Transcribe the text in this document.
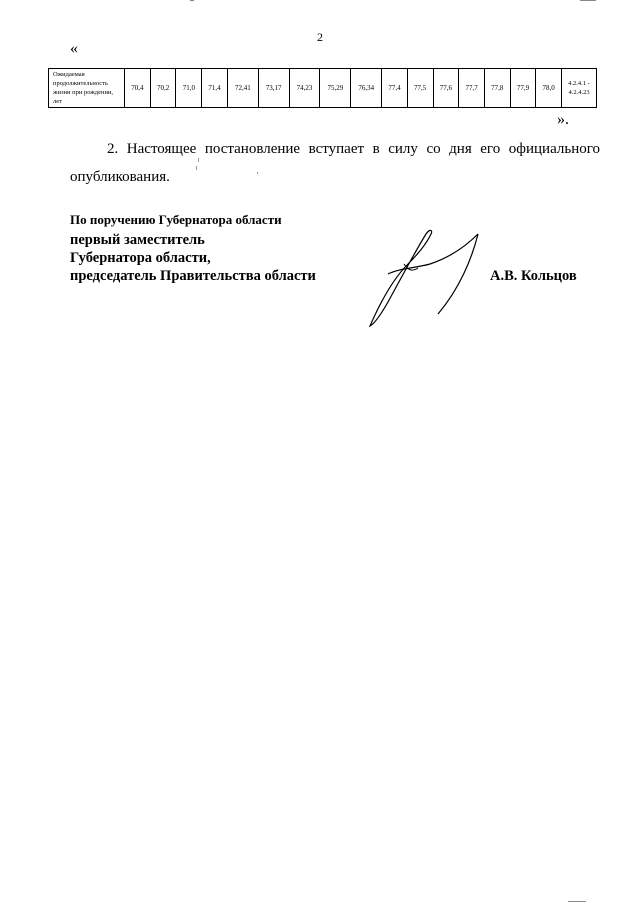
2
«
Ожидаемая продолжительность жизни при рождении, лет	70,4	70,2	71,0	71,4	72,41	73,17	74,23	75,29	76,34	77,4	77,5	77,6	77,7	77,8	77,9	78,0	4.2.4.1 - 4.2.4.23
».
2. Настоящее постановление вступает в силу со дня его официального опубликования.
По поручению Губернатора области
первый заместитель
Губернатора области,
председатель Правительства области	А.В. Кольцов
